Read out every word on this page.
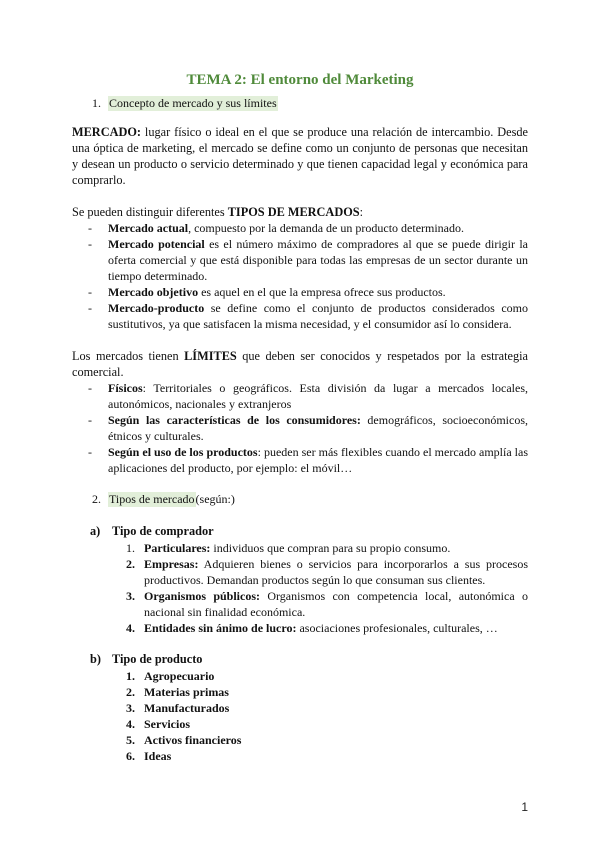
TEMA 2: El entorno del Marketing
1. Concepto de mercado y sus límites
MERCADO: lugar físico o ideal en el que se produce una relación de intercambio. Desde una óptica de marketing, el mercado se define como un conjunto de personas que necesitan y desean un producto o servicio determinado y que tienen capacidad legal y económica para comprarlo.
Se pueden distinguir diferentes TIPOS DE MERCADOS:
- Mercado actual, compuesto por la demanda de un producto determinado.
- Mercado potencial es el número máximo de compradores al que se puede dirigir la oferta comercial y que está disponible para todas las empresas de un sector durante un tiempo determinado.
- Mercado objetivo es aquel en el que la empresa ofrece sus productos.
- Mercado-producto se define como el conjunto de productos considerados como sustitutivos, ya que satisfacen la misma necesidad, y el consumidor así lo considera.
Los mercados tienen LÍMITES que deben ser conocidos y respetados por la estrategia comercial.
- Físicos: Territoriales o geográficos. Esta división da lugar a mercados locales, autonómicos, nacionales y extranjeros
- Según las características de los consumidores: demográficos, socioeconómicos, étnicos y culturales.
- Según el uso de los productos: pueden ser más flexibles cuando el mercado amplía las aplicaciones del producto, por ejemplo: el móvil…
2. Tipos de mercado (según:)
a) Tipo de comprador
1. Particulares: individuos que compran para su propio consumo.
2. Empresas: Adquieren bienes o servicios para incorporarlos a sus procesos productivos. Demandan productos según lo que consuman sus clientes.
3. Organismos públicos: Organismos con competencia local, autonómica o nacional sin finalidad económica.
4. Entidades sin ánimo de lucro: asociaciones profesionales, culturales, …
b) Tipo de producto
1. Agropecuario
2. Materias primas
3. Manufacturados
4. Servicios
5. Activos financieros
6. Ideas
1
